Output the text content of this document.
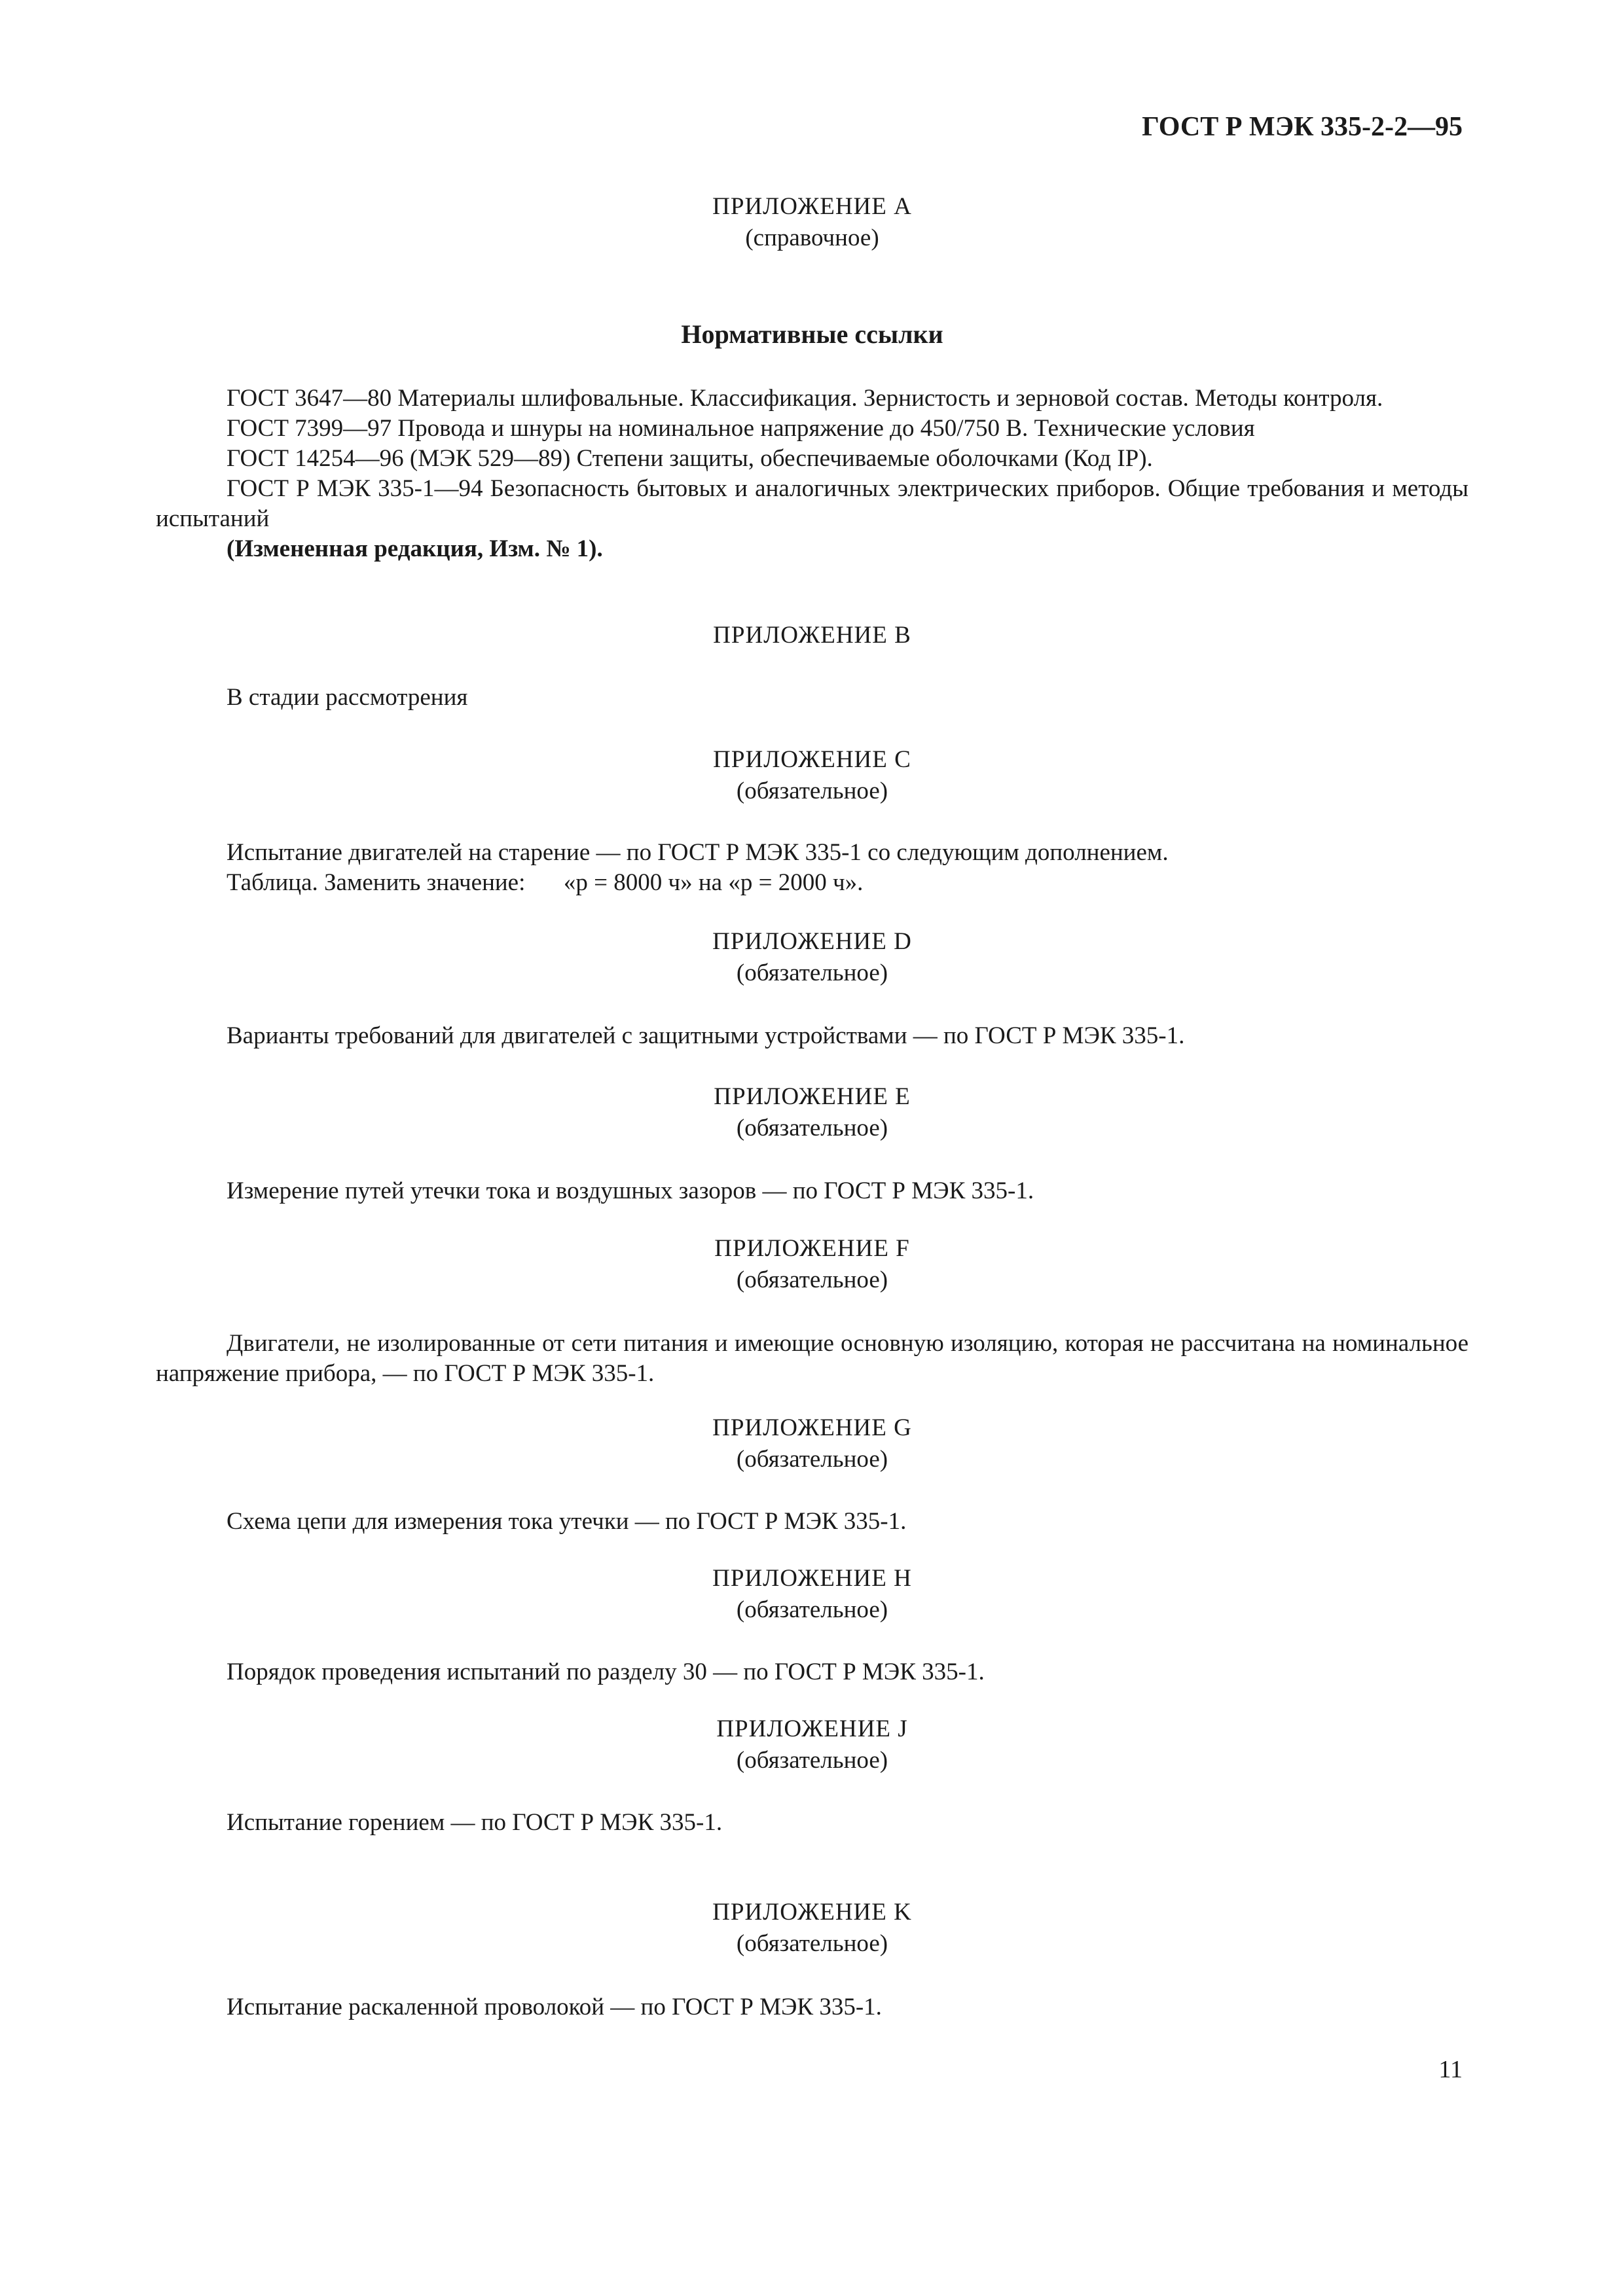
ГОСТ Р МЭК 335-2-2—95
ПРИЛОЖЕНИЕ A
(справочное)
Нормативные ссылки
ГОСТ 3647—80 Материалы шлифовальные. Классификация. Зернистость и зерновой состав. Методы контроля.
ГОСТ 7399—97 Провода и шнуры на номинальное напряжение до 450/750 В. Технические условия
ГОСТ 14254—96 (МЭК 529—89) Степени защиты, обеспечиваемые оболочками (Код IP).
ГОСТ Р МЭК 335-1—94 Безопасность бытовых и аналогичных электрических приборов. Общие требования и методы испытаний
(Измененная редакция, Изм. № 1).
ПРИЛОЖЕНИЕ B
В стадии рассмотрения
ПРИЛОЖЕНИЕ C
(обязательное)
Испытание двигателей на старение — по ГОСТ Р МЭК 335-1 со следующим дополнением.
Таблица. Заменить значение: «p = 8000 ч» на «p = 2000 ч».
ПРИЛОЖЕНИЕ D
(обязательное)
Варианты требований для двигателей с защитными устройствами — по ГОСТ Р МЭК 335-1.
ПРИЛОЖЕНИЕ E
(обязательное)
Измерение путей утечки тока и воздушных зазоров — по ГОСТ Р МЭК 335-1.
ПРИЛОЖЕНИЕ F
(обязательное)
Двигатели, не изолированные от сети питания и имеющие основную изоляцию, которая не рассчитана на номинальное напряжение прибора, — по ГОСТ Р МЭК 335-1.
ПРИЛОЖЕНИЕ G
(обязательное)
Схема цепи для измерения тока утечки — по ГОСТ Р МЭК 335-1.
ПРИЛОЖЕНИЕ H
(обязательное)
Порядок проведения испытаний по разделу 30 — по ГОСТ Р МЭК 335-1.
ПРИЛОЖЕНИЕ J
(обязательное)
Испытание горением — по ГОСТ Р МЭК 335-1.
ПРИЛОЖЕНИЕ K
(обязательное)
Испытание раскаленной проволокой — по ГОСТ Р МЭК 335-1.
11
